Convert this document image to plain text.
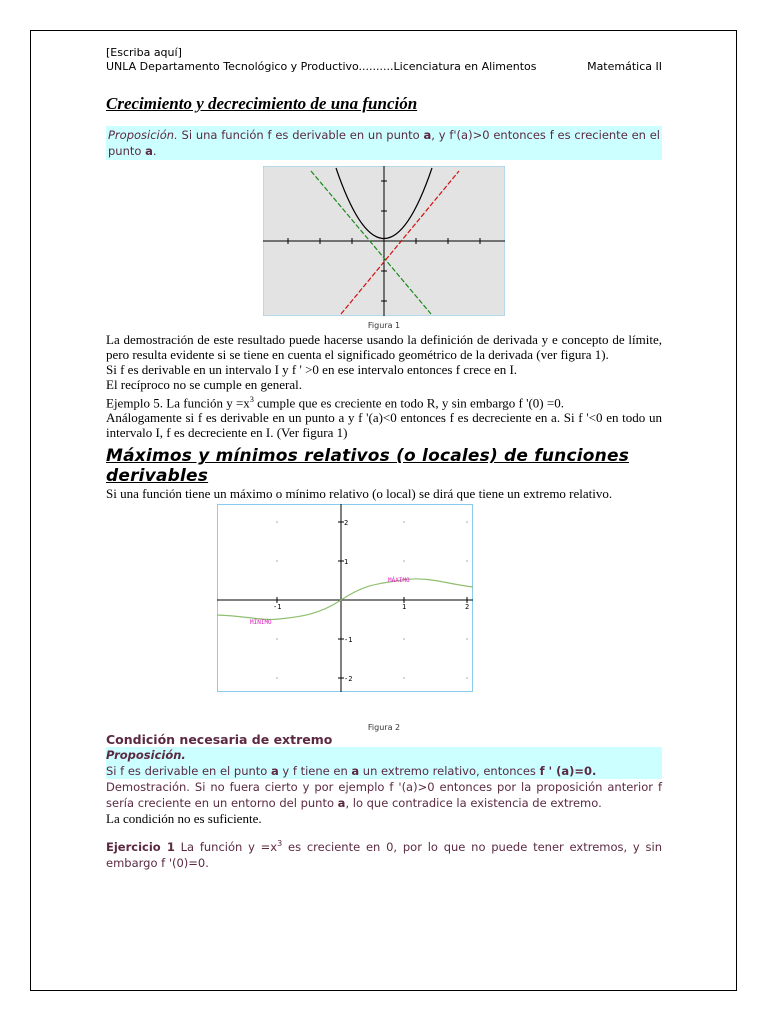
[Escriba aquí]
UNLA Departamento Tecnológico y Productivo..........Licenciatura en Alimentos	Matemática II
Crecimiento y decrecimiento de una función
Proposición. Si una función f es derivable en un punto a, y f'(a)>0 entonces f es creciente en el punto a.
Figura 1
La demostración de este resultado puede hacerse usando la definición de derivada y e concepto de límite, pero resulta evidente si se tiene en cuenta el significado geométrico de la derivada (ver figura 1).
Si f es derivable en un intervalo I y f ' >0 en ese intervalo entonces f crece en I.
El recíproco no se cumple en general.
Ejemplo 5. La función $y =x^3$ cumple que es creciente en todo R, y sin embargo f '(0) =0.
Análogamente si f es derivable en un punto a y f '(a)<0 entonces f es decreciente en a. Si f '<0 en todo un intervalo I, f es decreciente en I. (Ver figura 1)
Máximos y mínimos relativos (o locales) de funciones derivables
Si una función tiene un máximo o mínimo relativo (o local) se dirá que tiene un extremo relativo.
-1	1	2
2
1
-1
-2
MÁXIMO
MÍNIMO
Figura 2
Condición necesaria de extremo
Proposición.
Si f es derivable en el punto a y f tiene en a un extremo relativo, entonces f ' (a)=0.
Demostración. Si no fuera cierto y por ejemplo f '(a)>0 entonces por la proposición anterior f sería creciente en un entorno del punto a, lo que contradice la existencia de extremo.
La condición no es suficiente.
Ejercicio 1 La función $y =x^3$ es creciente en 0, por lo que no puede tener extremos, y sin embargo f '(0)=0.
